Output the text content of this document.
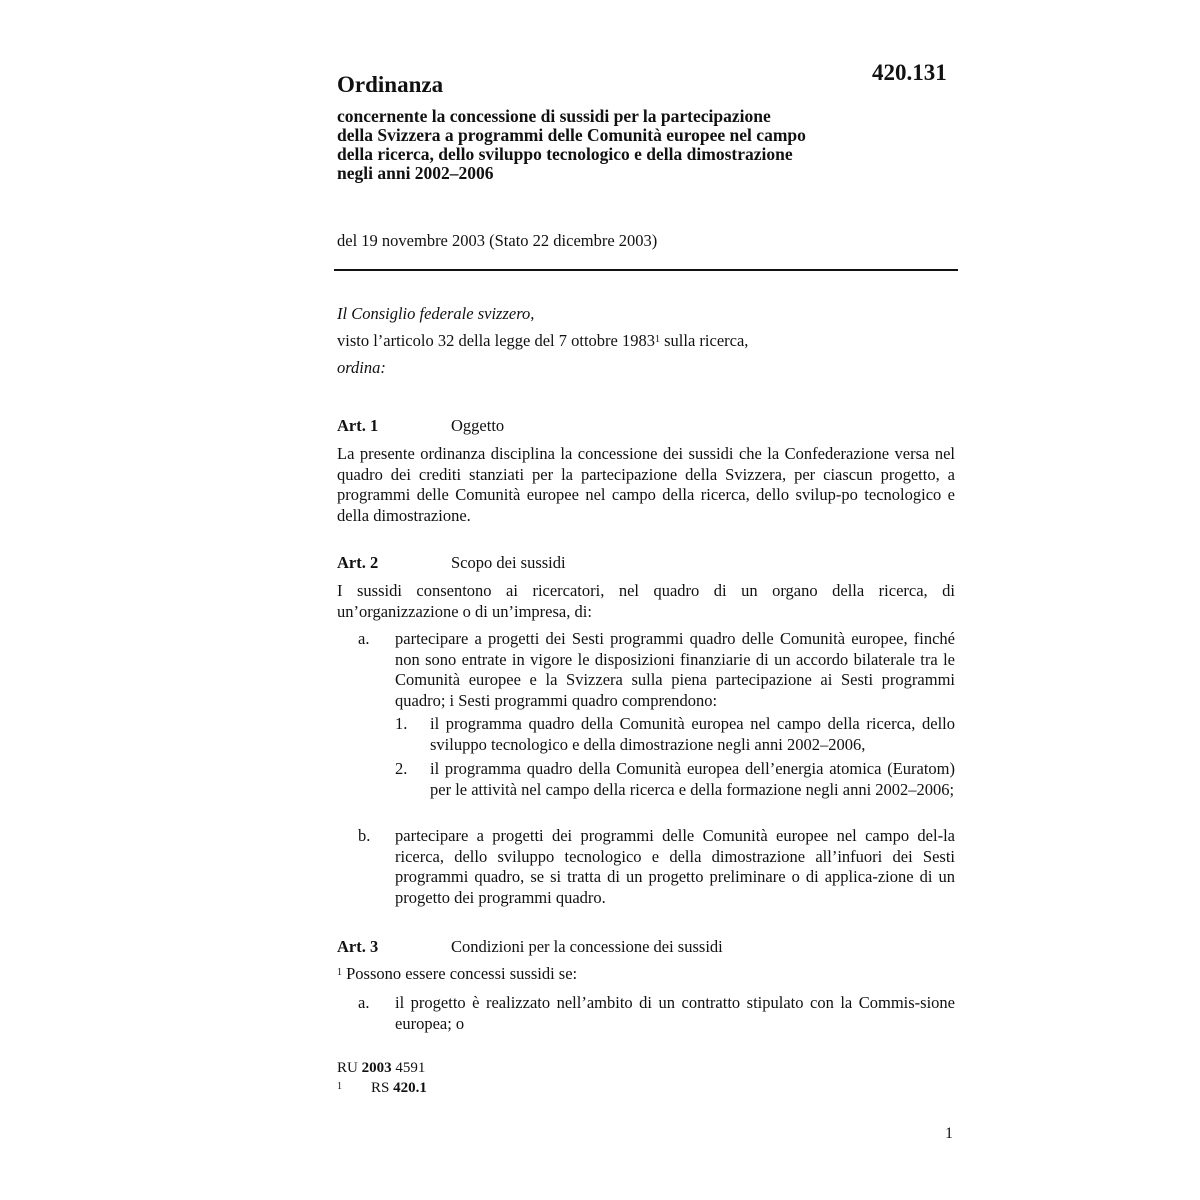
420.131
Ordinanza
concernente la concessione di sussidi per la partecipazione
della Svizzera a programmi delle Comunità europee nel campo
della ricerca, dello sviluppo tecnologico e della dimostrazione
negli anni 2002–2006
del 19 novembre 2003 (Stato 22 dicembre 2003)
Il Consiglio federale svizzero,
visto l’articolo 32 della legge del 7 ottobre 1983$^1$ sulla ricerca,
ordina:
Art. 1	Oggetto
La presente ordinanza disciplina la concessione dei sussidi che la Confederazione versa nel quadro dei crediti stanziati per la partecipazione della Svizzera, per ciascun progetto, a programmi delle Comunità europee nel campo della ricerca, dello svilup-po tecnologico e della dimostrazione.
Art. 2	Scopo dei sussidi
I sussidi consentono ai ricercatori, nel quadro di un organo della ricerca, di un’organizzazione o di un’impresa, di:
a. partecipare a progetti dei Sesti programmi quadro delle Comunità europee, finché non sono entrate in vigore le disposizioni finanziarie di un accordo bilaterale tra le Comunità europee e la Svizzera sulla piena partecipazione ai Sesti programmi quadro; i Sesti programmi quadro comprendono:
1. il programma quadro della Comunità europea nel campo della ricerca, dello sviluppo tecnologico e della dimostrazione negli anni 2002–2006,
2. il programma quadro della Comunità europea dell’energia atomica (Euratom) per le attività nel campo della ricerca e della formazione negli anni 2002–2006;
b. partecipare a progetti dei programmi delle Comunità europee nel campo del-la ricerca, dello sviluppo tecnologico e della dimostrazione all’infuori dei Sesti programmi quadro, se si tratta di un progetto preliminare o di applica-zione di un progetto dei programmi quadro.
Art. 3	Condizioni per la concessione dei sussidi
$^1$ Possono essere concessi sussidi se:
a. il progetto è realizzato nell’ambito di un contratto stipulato con la Commis-sione europea; o
RU 2003 4591
$^1$ RS 420.1
1
